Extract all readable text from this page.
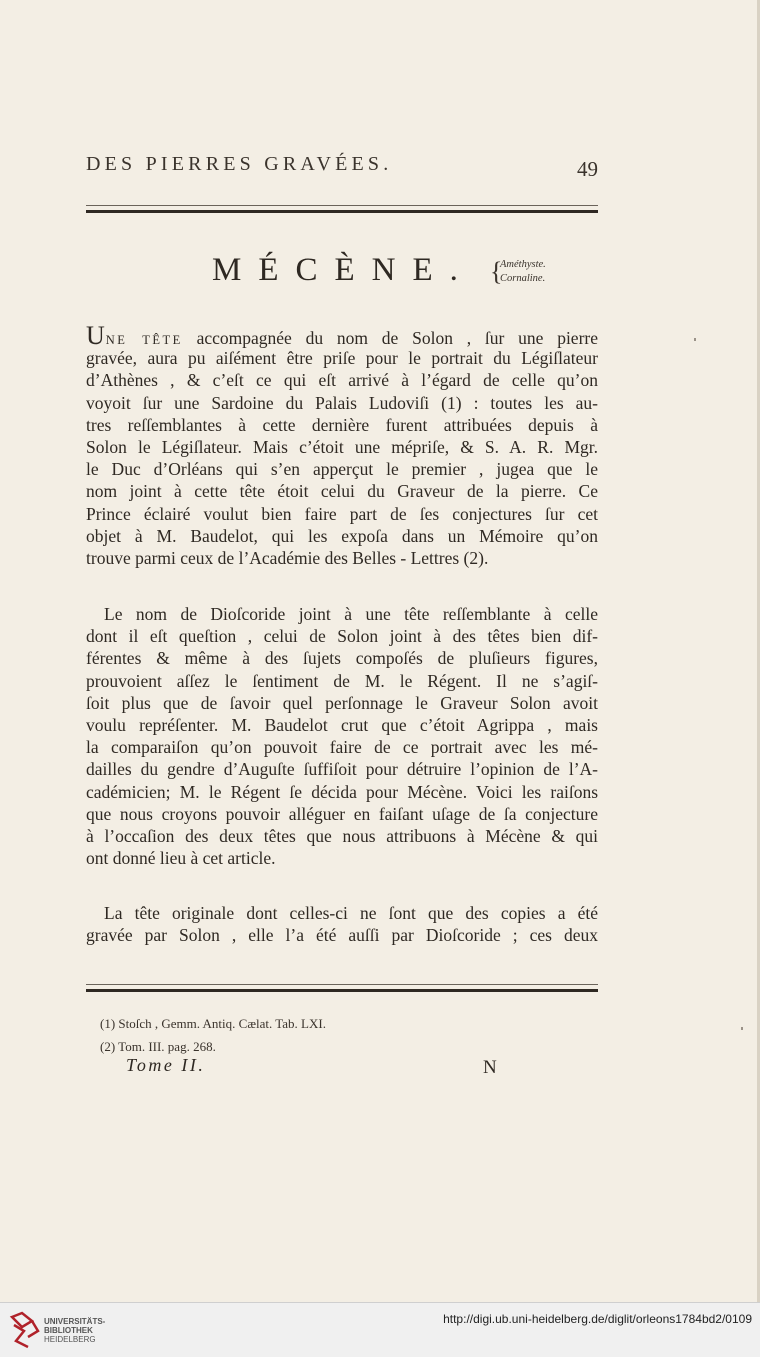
DES PIERRES GRAVÉES.	49
MÉCÈNE. {
Améthyste.
Cornaline.
UNE TÊTE accompagnée du nom de Solon , ſur une pierre
gravée, aura pu aiſément être priſe pour le portrait du Légiſlateur
d’Athènes , & c’eſt ce qui eſt arrivé à l’égard de celle qu’on
voyoit ſur une Sardoine du Palais Ludoviſi (1) : toutes les au-
tres reſſemblantes à cette dernière furent attribuées depuis à
Solon le Légiſlateur. Mais c’étoit une mépriſe, & S. A. R. Mgr.
le Duc d’Orléans qui s’en apperçut le premier , jugea que le
nom joint à cette tête étoit celui du Graveur de la pierre. Ce
Prince éclairé voulut bien faire part de ſes conjectures ſur cet
objet à M. Baudelot, qui les expoſa dans un Mémoire qu’on
trouve parmi ceux de l’Académie des Belles - Lettres (2).
Le nom de Dioſcoride joint à une tête reſſemblante à celle
dont il eſt queſtion , celui de Solon joint à des têtes bien dif-
férentes & même à des ſujets compoſés de pluſieurs figures,
prouvoient aſſez le ſentiment de M. le Régent. Il ne s’agiſ-
ſoit plus que de ſavoir quel perſonnage le Graveur Solon avoit
voulu repréſenter. M. Baudelot crut que c’étoit Agrippa , mais
la comparaiſon qu’on pouvoit faire de ce portrait avec les mé-
dailles du gendre d’Auguſte ſuffiſoit pour détruire l’opinion de l’A-
cadémicien; M. le Régent ſe décida pour Mécène. Voici les raiſons
que nous croyons pouvoir alléguer en faiſant uſage de ſa conjecture
à l’occaſion des deux têtes que nous attribuons à Mécène & qui
ont donné lieu à cet article.
La tête originale dont celles-ci ne ſont que des copies a été
gravée par Solon , elle l’a été auſſi par Dioſcoride ; ces deux
(1) Stoſch , Gemm. Antiq. Cælat. Tab. LXI.
(2) Tom. III. pag. 268.
Tome II.	N
UNIVERSITÄTS-
BIBLIOTHEK
HEIDELBERG
http://digi.ub.uni-heidelberg.de/diglit/orleons1784bd2/0109
